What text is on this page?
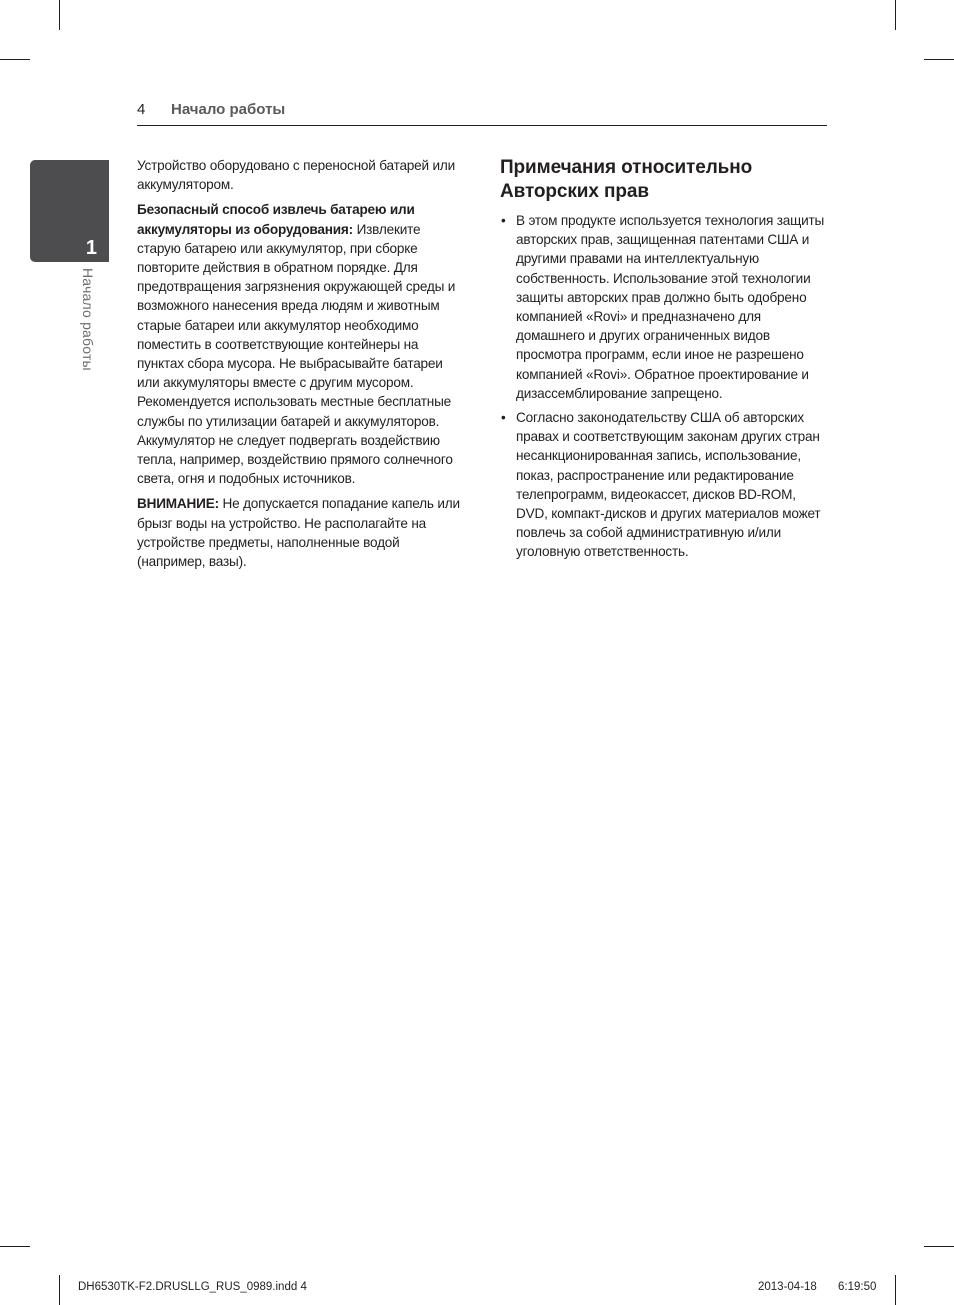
4 Начало работы
1
Начало работы

Устройство оборудовано с переносной батарей или аккумулятором.

Безопасный способ извлечь батарею или аккумуляторы из оборудования: Извлеките старую батарею или аккумулятор, при сборке повторите действия в обратном порядке. Для предотвращения загрязнения окружающей среды и возможного нанесения вреда людям и животным старые батареи или аккумулятор необходимо поместить в соответствующие контейнеры на пунктах сбора мусора. Не выбрасывайте батареи или аккумуляторы вместе с другим мусором. Рекомендуется использовать местные бесплатные службы по утилизации батарей и аккумуляторов. Аккумулятор не следует подвергать воздействию тепла, например, воздействию прямого солнечного света, огня и подобных источников.

ВНИМАНИЕ: Не допускается попадание капель или брызг воды на устройство. Не располагайте на устройстве предметы, наполненные водой (например, вазы).

Примечания относительно Авторских прав
• В этом продукте используется технология защиты авторских прав, защищенная патентами США и другими правами на интеллектуальную собственность. Использование этой технологии защиты авторских прав должно быть одобрено компанией «Rovi» и предназначено для домашнего и других ограниченных видов просмотра программ, если иное не разрешено компанией «Rovi». Обратное проектирование и дизассемблирование запрещено.
• Согласно законодательству США об авторских правах и соответствующим законам других стран несанкционированная запись, использование, показ, распространение или редактирование телепрограмм, видеокассет, дисков BD-ROM, DVD, компакт-дисков и других материалов может повлечь за собой административную и/или уголовную ответственность.
DH6530TK-F2.DRUSLLG_RUS_0989.indd 4	2013-04-18 6:19:50
